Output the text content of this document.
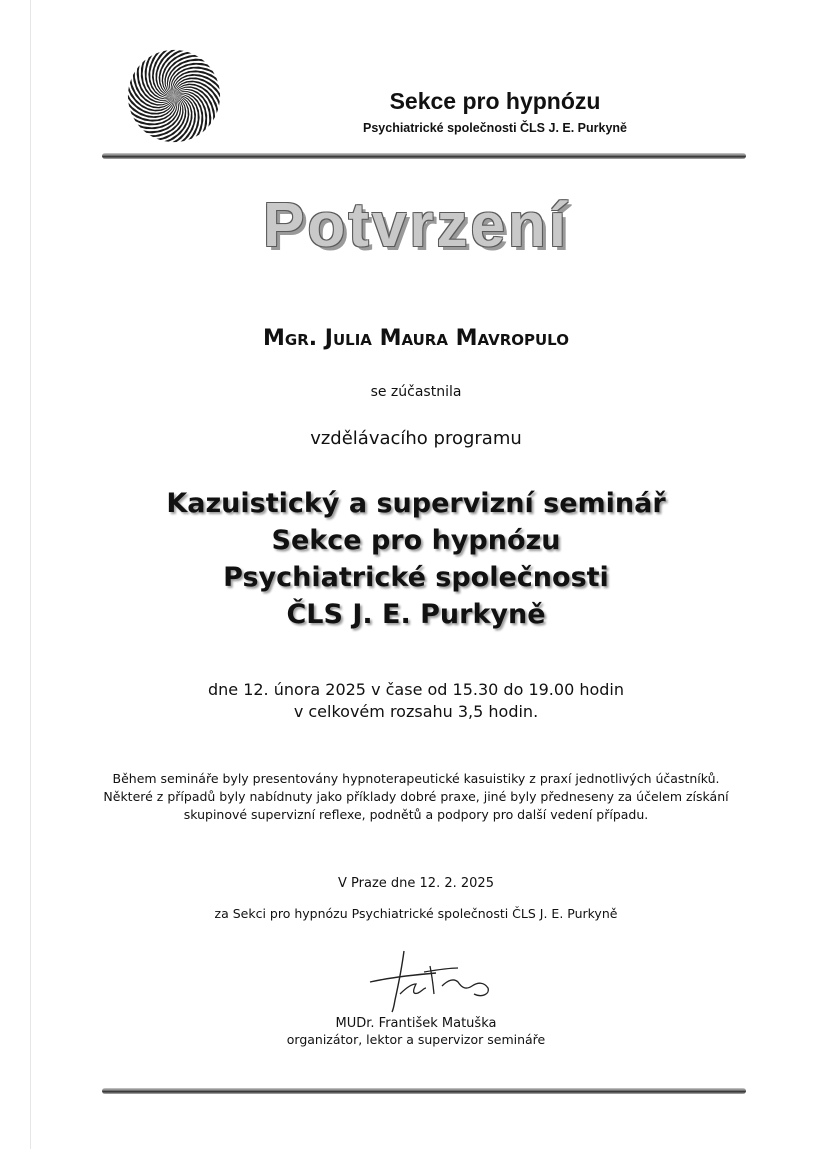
Sekce pro hypnózu
Psychiatrické společnosti ČLS J. E. Purkyně
Potvrzení
Mgr. Julia Maura Mavropulo
se zúčastnila
vzdělávacího programu
Kazuistický a supervizní seminář
Sekce pro hypnózu
Psychiatrické společnosti
ČLS J. E. Purkyně
dne 12. února 2025 v čase od 15.30 do 19.00 hodin
v celkovém rozsahu 3,5 hodin.
Během semináře byly presentovány hypnoterapeutické kasuistiky z praxí jednotlivých účastníků.
Některé z případů byly nabídnuty jako příklady dobré praxe, jiné byly předneseny za účelem získání
skupinové supervizní reflexe, podnětů a podpory pro další vedení případu.
V Praze dne 12. 2. 2025
za Sekci pro hypnózu Psychiatrické společnosti ČLS J. E. Purkyně
MUDr. František Matuška
organizátor, lektor a supervizor semináře
